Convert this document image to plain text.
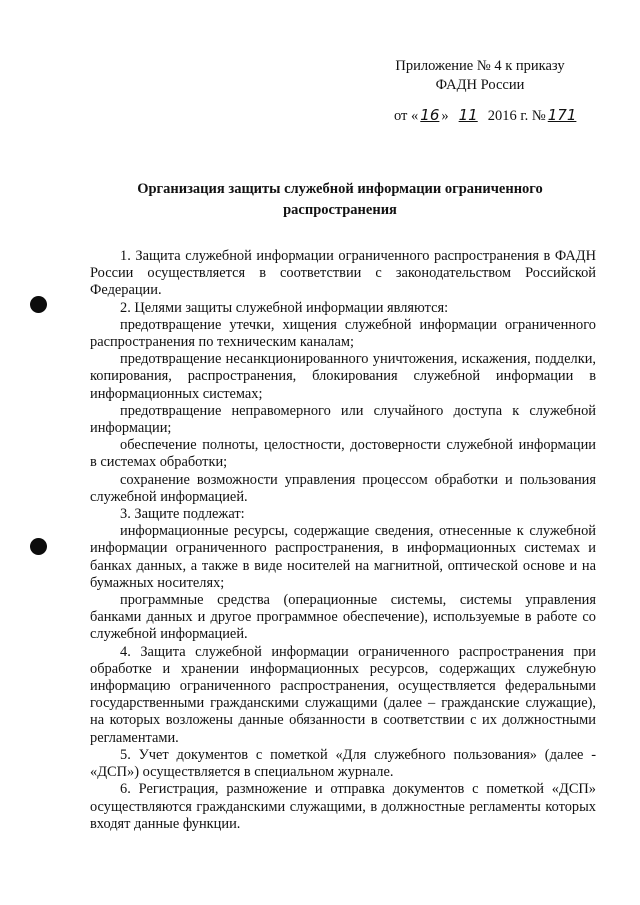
Приложение № 4 к приказу
ФАДН России
от « 16 » 11 2016 г. № 171
Организация защиты служебной информации ограниченного
распространения

1. Защита служебной информации ограниченного распространения в ФАДН России осуществляется в соответствии с законодательством Российской Федерации.

2. Целями защиты служебной информации являются:

предотвращение утечки, хищения служебной информации ограниченного распространения по техническим каналам;

предотвращение несанкционированного уничтожения, искажения, подделки, копирования, распространения, блокирования служебной информации в информационных системах;

предотвращение неправомерного или случайного доступа к служебной информации;

обеспечение полноты, целостности, достоверности служебной информации в системах обработки;

сохранение возможности управления процессом обработки и пользования служебной информацией.

3. Защите подлежат:

информационные ресурсы, содержащие сведения, отнесенные к служебной информации ограниченного распространения, в информационных системах и банках данных, а также в виде носителей на магнитной, оптической основе и на бумажных носителях;

программные средства (операционные системы, системы управления банками данных и другое программное обеспечение), используемые в работе со служебной информацией.

4. Защита служебной информации ограниченного распространения при обработке и хранении информационных ресурсов, содержащих служебную информацию ограниченного распространения, осуществляется федеральными государственными гражданскими служащими (далее – гражданские служащие), на которых возложены данные обязанности в соответствии с их должностными регламентами.

5. Учет документов с пометкой «Для служебного пользования» (далее - «ДСП») осуществляется в специальном журнале.

6. Регистрация, размножение и отправка документов с пометкой «ДСП» осуществляются гражданскими служащими, в должностные регламенты которых входят данные функции.
